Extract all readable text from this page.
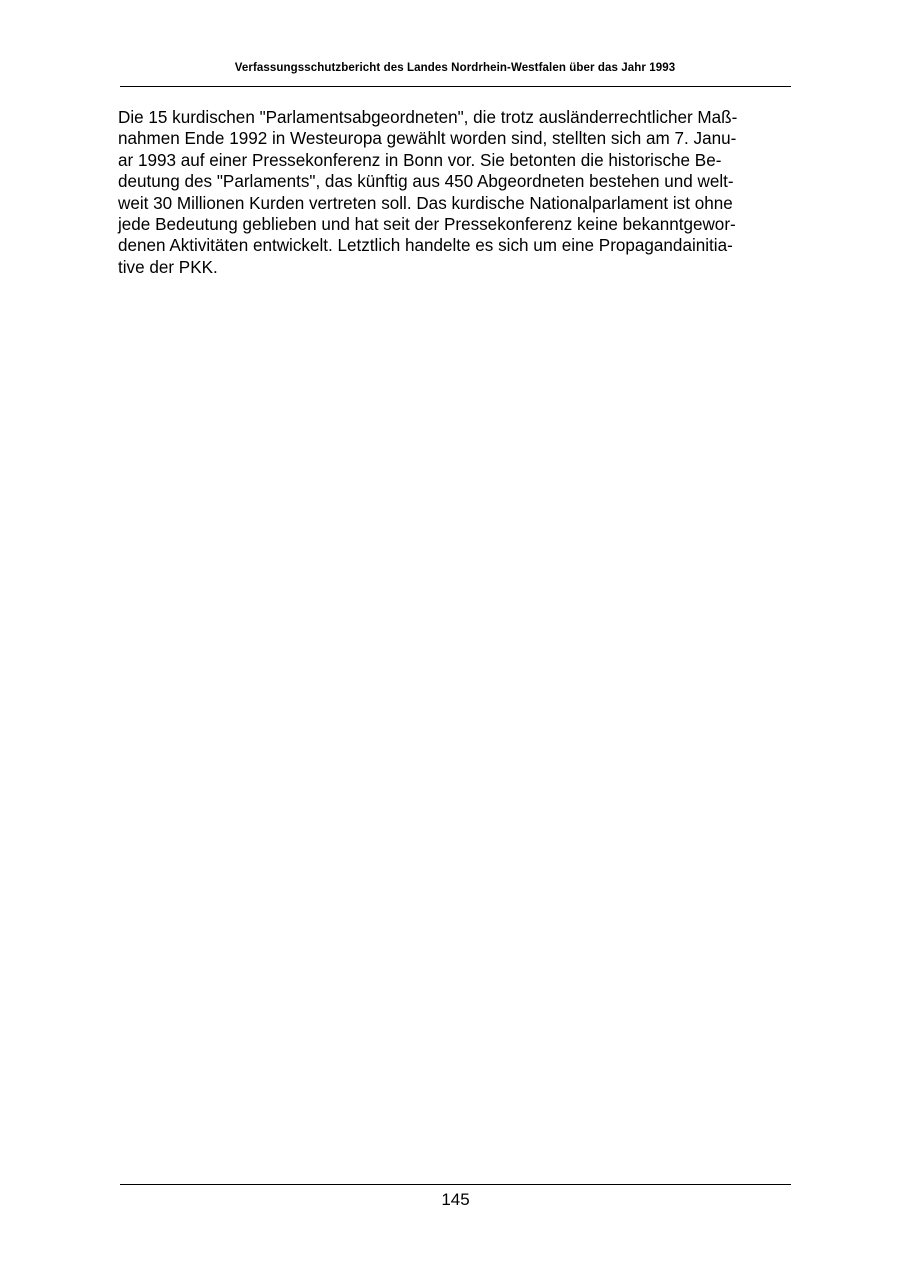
Verfassungsschutzbericht des Landes Nordrhein-Westfalen über das Jahr 1993

Die 15 kurdischen "Parlamentsabgeordneten", die trotz ausländerrechtlicher Maß-
nahmen Ende 1992 in Westeuropa gewählt worden sind, stellten sich am 7. Janu-
ar 1993 auf einer Pressekonferenz in Bonn vor. Sie betonten die historische Be-
deutung des "Parlaments", das künftig aus 450 Abgeordneten bestehen und welt-
weit 30 Millionen Kurden vertreten soll. Das kurdische Nationalparlament ist ohne
jede Bedeutung geblieben und hat seit der Pressekonferenz keine bekanntgewor-
denen Aktivitäten entwickelt. Letztlich handelte es sich um eine Propagandainitia-
tive der PKK.

145
